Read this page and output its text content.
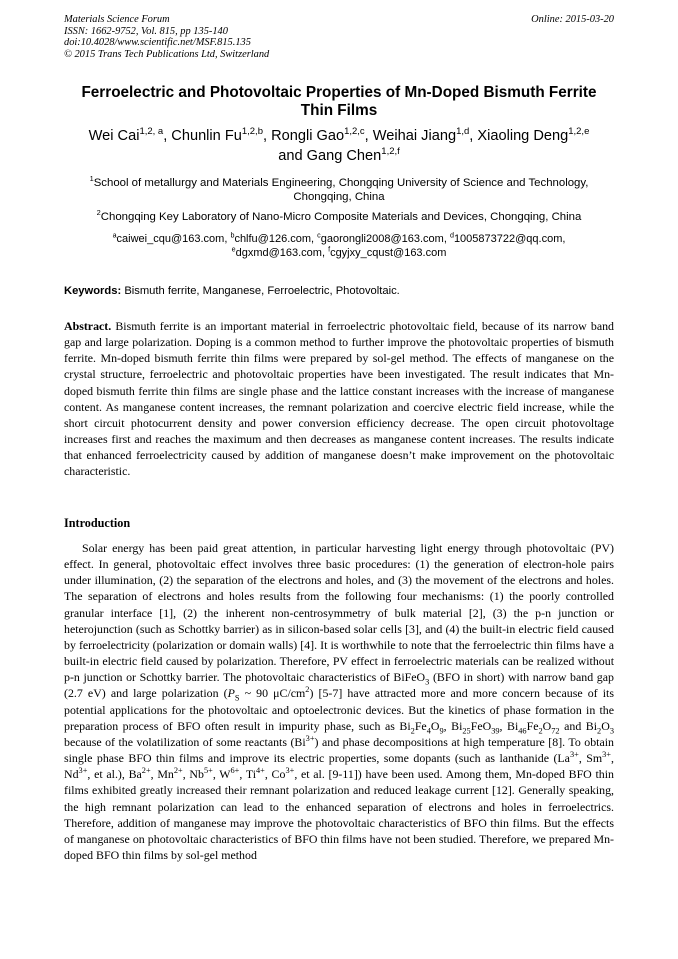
Materials Science Forum
ISSN: 1662-9752, Vol. 815, pp 135-140
doi:10.4028/www.scientific.net/MSF.815.135
© 2015 Trans Tech Publications Ltd, Switzerland
Online: 2015-03-20
Ferroelectric and Photovoltaic Properties of Mn-Doped Bismuth Ferrite
Thin Films
Wei Cai$^{1,2, a}$, Chunlin Fu$^{1,2,b}$, Rongli Gao$^{1,2,c}$, Weihai Jiang$^{1,d}$, Xiaoling Deng$^{1,2,e}$
and Gang Chen$^{1,2,f}$
$^1$School of metallurgy and Materials Engineering, Chongqing University of Science and Technology, Chongqing, China
$^2$Chongqing Key Laboratory of Nano-Micro Composite Materials and Devices, Chongqing, China
$^a$caiwei_cqu@163.com, $^b$chlfu@126.com, $^c$gaorongli2008@163.com, $^d$1005873722@qq.com,
$^e$dgxmd@163.com, $^f$cgyjxy_cqust@163.com
Keywords: Bismuth ferrite, Manganese, Ferroelectric, Photovoltaic.
Abstract. Bismuth ferrite is an important material in ferroelectric photovoltaic field, because of its narrow band gap and large polarization. Doping is a common method to further improve the photovoltaic properties of bismuth ferrite. Mn-doped bismuth ferrite thin films were prepared by sol-gel method. The effects of manganese on the crystal structure, ferroelectric and photovoltaic properties have been investigated. The result indicates that Mn-doped bismuth ferrite thin films are single phase and the lattice constant increases with the increase of manganese content. As manganese content increases, the remnant polarization and coercive electric field increase, while the short circuit photocurrent density and power conversion efficiency decrease. The open circuit photovoltage increases first and reaches the maximum and then decreases as manganese content increases. The results indicate that enhanced ferroelectricity caused by addition of manganese doesn’t make improvement on the photovoltaic characteristic.
Introduction
Solar energy has been paid great attention, in particular harvesting light energy through photovoltaic (PV) effect. In general, photovoltaic effect involves three basic procedures: (1) the generation of electron-hole pairs under illumination, (2) the separation of the electrons and holes, and (3) the movement of the electrons and holes. The separation of electrons and holes results from the following four mechanisms: (1) the poorly controlled granular interface [1], (2) the inherent non-centrosymmetry of bulk material [2], (3) the p-n junction or heterojunction (such as Schottky barrier) as in silicon-based solar cells [3], and (4) the built-in electric field caused by ferroelectricity (polarization or domain walls) [4]. It is worthwhile to note that the ferroelectric thin films have a built-in electric field caused by polarization. Therefore, PV effect in ferroelectric materials can be realized without p-n junction or Schottky barrier. The photovoltaic characteristics of BiFeO$_3$ (BFO in short) with narrow band gap (2.7 eV) and large polarization ($P_S$ ~ 90 $\mu C/cm^2$) [5-7] have attracted more and more concern because of its potential applications for the photovoltaic and optoelectronic devices. But the kinetics of phase formation in the preparation process of BFO often result in impurity phase, such as $Bi_2Fe_4O_9$, $Bi_{25}FeO_{39}$, $Bi_{46}Fe_2O_{72}$ and $Bi_2O_3$ because of the volatilization of some reactants $(Bi^{3+})$ and phase decompositions at high temperature [8]. To obtain single phase BFO thin films and improve its electric properties, some dopants (such as lanthanide ($La^{3+}$, $Sm^{3+}$, $Nd^{3+}$, et al.), $Ba^{2+}$, $Mn^{2+}$, $Nb^{5+}$, $W^{6+}$, $Ti^{4+}$, $Co^{3+}$, et al. [9-11]) have been used. Among them, Mn-doped BFO thin films exhibited greatly increased their remnant polarization and reduced leakage current [12]. Generally speaking, the high remnant polarization can lead to the enhanced separation of electrons and holes in ferroelectrics. Therefore, addition of manganese may improve the photovoltaic characteristics of BFO thin films. But the effects of manganese on photovoltaic characteristics of BFO thin films have not been studied. Therefore, we prepared Mn-doped BFO thin films by sol-gel method
